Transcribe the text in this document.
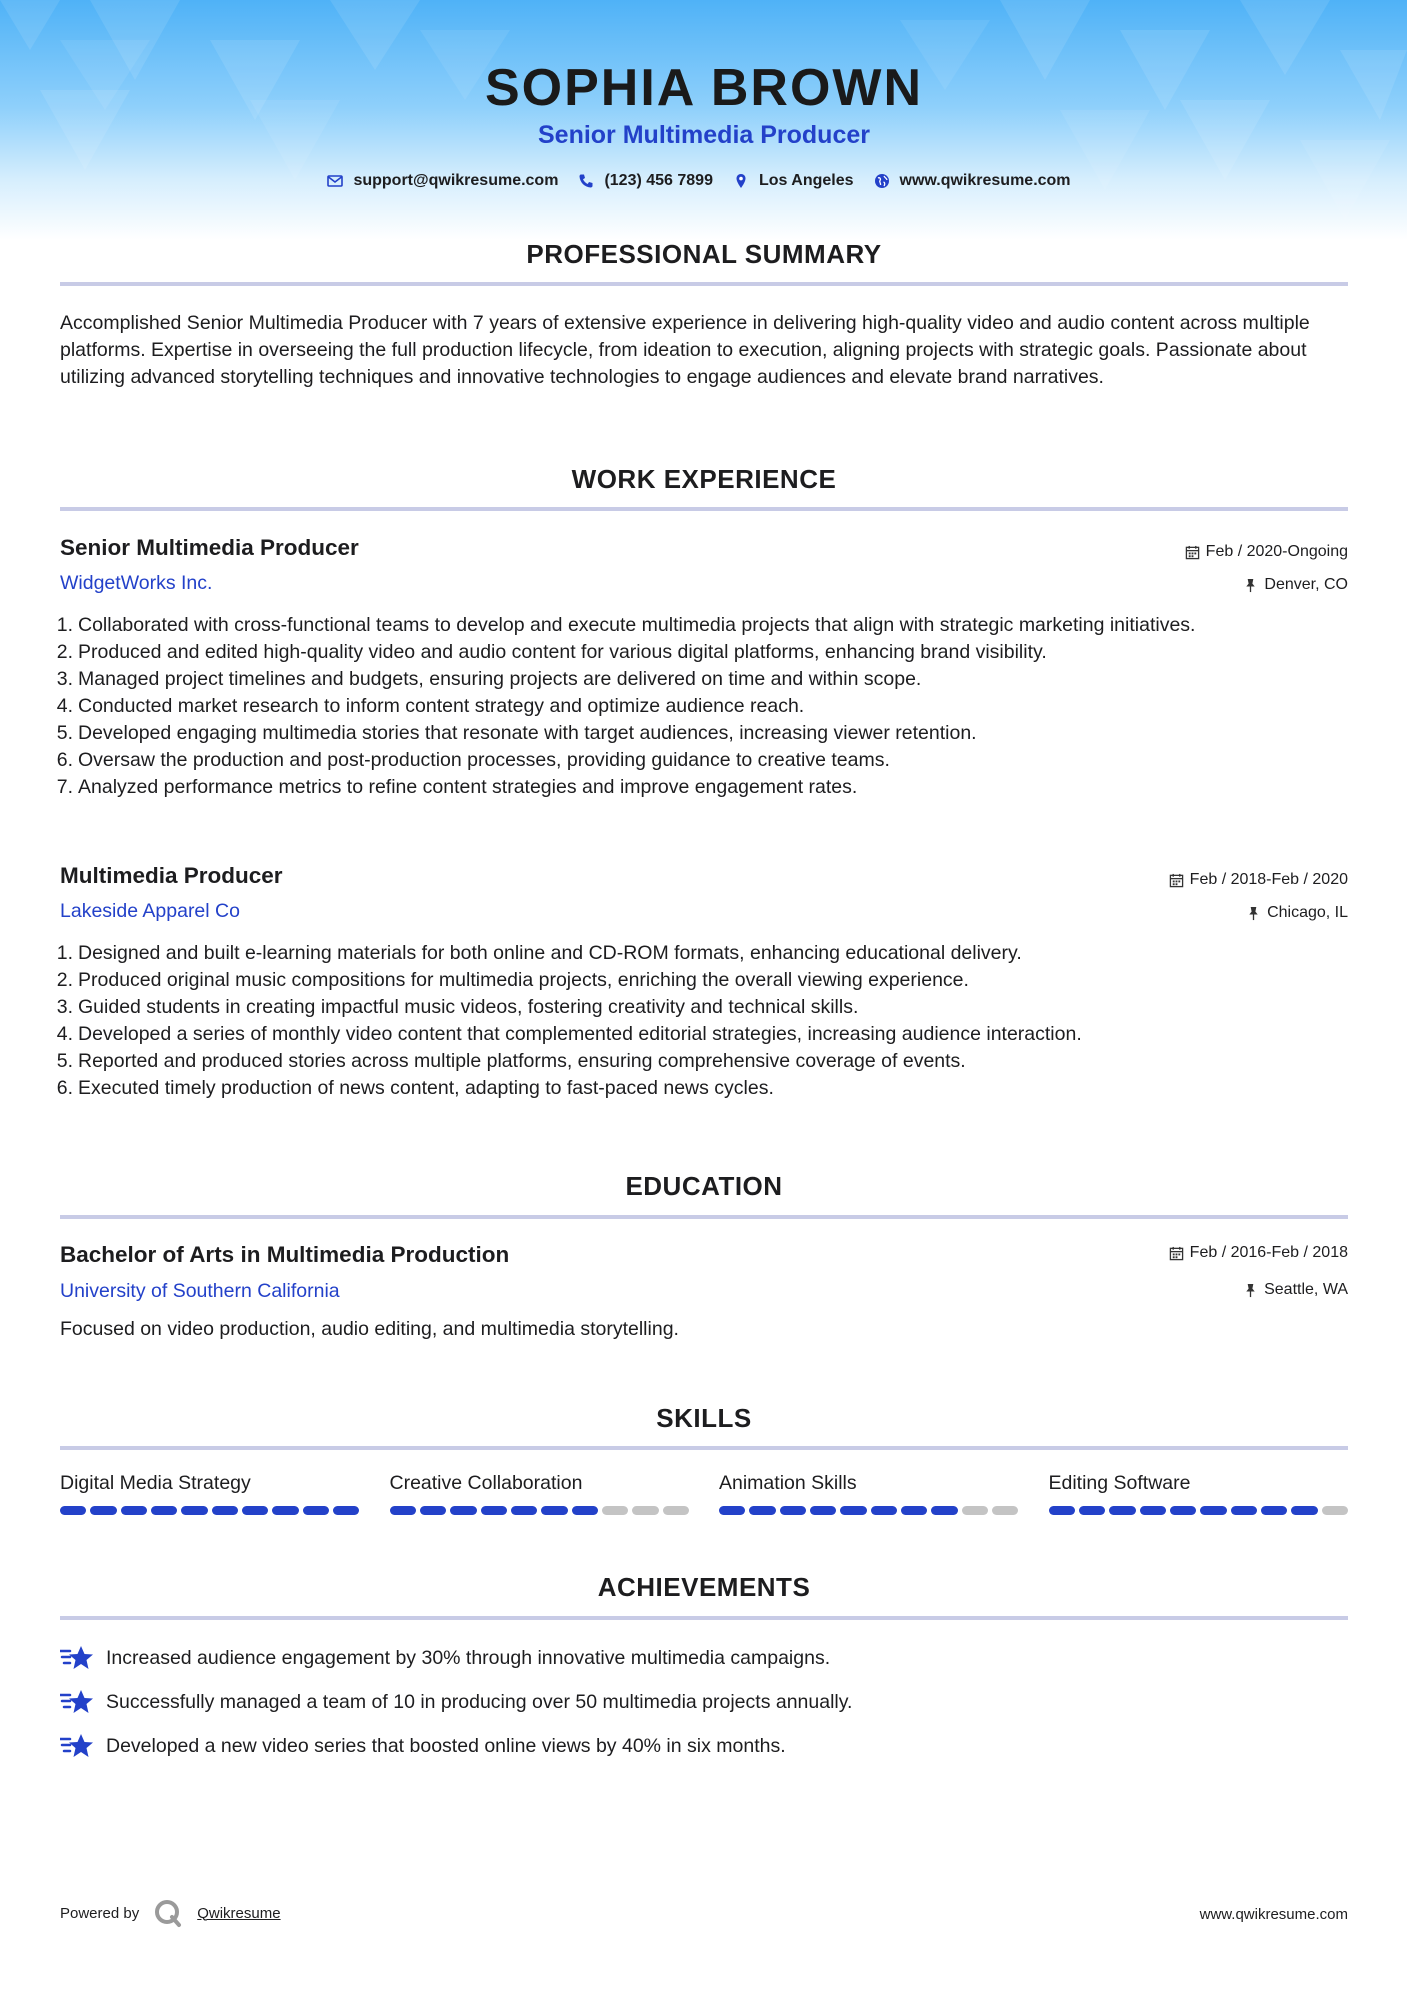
SOPHIA BROWN
Senior Multimedia Producer
support@qwikresume.com	(123) 456 7899	Los Angeles	www.qwikresume.com
PROFESSIONAL SUMMARY
Accomplished Senior Multimedia Producer with 7 years of extensive experience in delivering high-quality video and audio content across multiple platforms. Expertise in overseeing the full production lifecycle, from ideation to execution, aligning projects with strategic goals. Passionate about utilizing advanced storytelling techniques and innovative technologies to engage audiences and elevate brand narratives.
WORK EXPERIENCE
Senior Multimedia Producer	Feb / 2020-Ongoing
WidgetWorks Inc.	Denver, CO
1. Collaborated with cross-functional teams to develop and execute multimedia projects that align with strategic marketing initiatives.
2. Produced and edited high-quality video and audio content for various digital platforms, enhancing brand visibility.
3. Managed project timelines and budgets, ensuring projects are delivered on time and within scope.
4. Conducted market research to inform content strategy and optimize audience reach.
5. Developed engaging multimedia stories that resonate with target audiences, increasing viewer retention.
6. Oversaw the production and post-production processes, providing guidance to creative teams.
7. Analyzed performance metrics to refine content strategies and improve engagement rates.
Multimedia Producer	Feb / 2018-Feb / 2020
Lakeside Apparel Co	Chicago, IL
1. Designed and built e-learning materials for both online and CD-ROM formats, enhancing educational delivery.
2. Produced original music compositions for multimedia projects, enriching the overall viewing experience.
3. Guided students in creating impactful music videos, fostering creativity and technical skills.
4. Developed a series of monthly video content that complemented editorial strategies, increasing audience interaction.
5. Reported and produced stories across multiple platforms, ensuring comprehensive coverage of events.
6. Executed timely production of news content, adapting to fast-paced news cycles.
EDUCATION
Bachelor of Arts in Multimedia Production	Feb / 2016-Feb / 2018
University of Southern California	Seattle, WA
Focused on video production, audio editing, and multimedia storytelling.
SKILLS
Digital Media Strategy	Creative Collaboration	Animation Skills	Editing Software
ACHIEVEMENTS
Increased audience engagement by 30% through innovative multimedia campaigns.
Successfully managed a team of 10 in producing over 50 multimedia projects annually.
Developed a new video series that boosted online views by 40% in six months.
Powered by	Qwikresume	www.qwikresume.com
